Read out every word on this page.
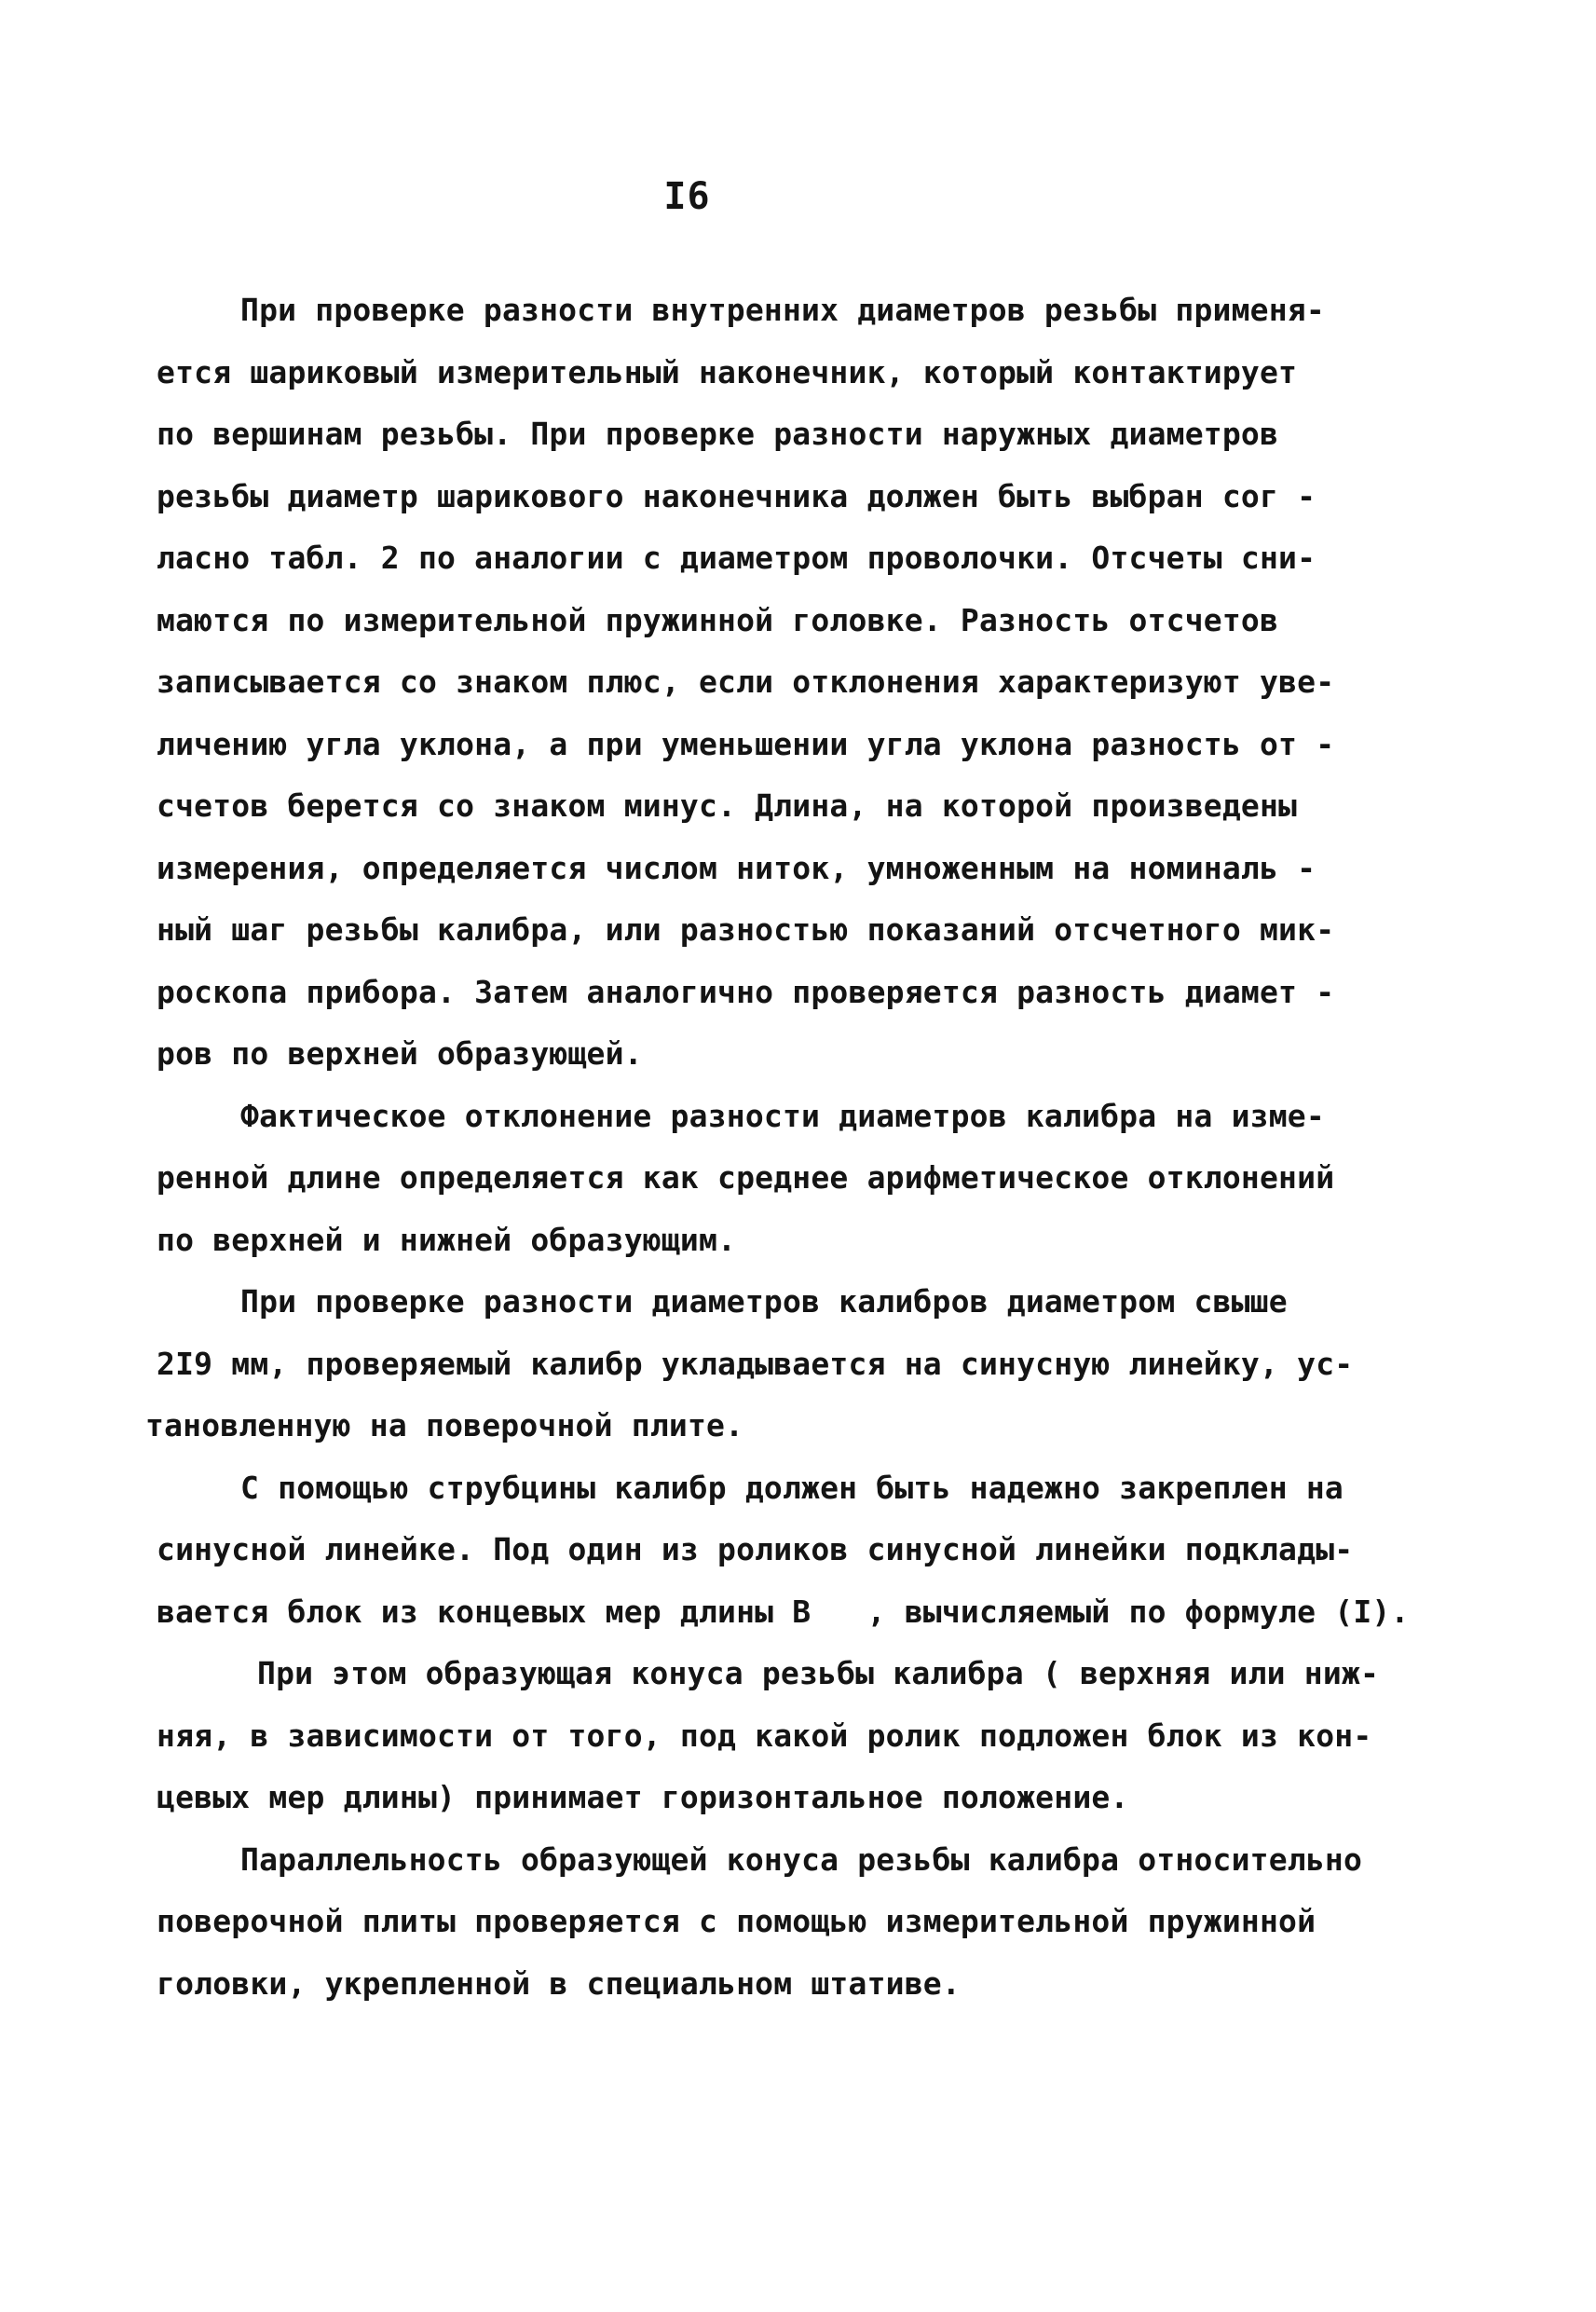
I6

При проверке разности внутренних диаметров резьбы применя-
ется шариковый измерительный наконечник, который контактирует
по вершинам резьбы. При проверке разности наружных диаметров
резьбы диаметр шарикового наконечника должен быть выбран сог -
ласно табл. 2 по аналогии с диаметром проволочки. Отсчеты сни-
маются по измерительной пружинной головке. Разность отсчетов
записывается со знаком плюс, если отклонения характеризуют уве-
личению угла уклона, а при уменьшении угла уклона разность от -
счетов берется со знаком минус. Длина, на которой произведены
измерения, определяется числом ниток, умноженным на номиналь -
ный шаг резьбы калибра, или разностью показаний отсчетного мик-
роскопа прибора. Затем аналогично проверяется разность диамет -
ров по верхней образующей.

Фактическое отклонение разности диаметров калибра на изме-
ренной длине определяется как среднее арифметическое отклонений
по верхней и нижней образующим.

При проверке разности диаметров калибров диаметром свыше
2I9 мм, проверяемый калибр укладывается на синусную линейку, ус-
тановленную на поверочной плите.

С помощью струбцины калибр должен быть надежно закреплен на
синусной линейке. Под один из роликов синусной линейки подклады-
вается блок из концевых мер длины B   , вычисляемый по формуле (I).

При этом образующая конуса резьбы калибра ( верхняя или ниж-
няя, в зависимости от того, под какой ролик подложен блок из кон-
цевых мер длины) принимает горизонтальное положение.

Параллельность образующей конуса резьбы калибра относительно
поверочной плиты проверяется с помощью измерительной пружинной
головки, укрепленной в специальном штативе.
